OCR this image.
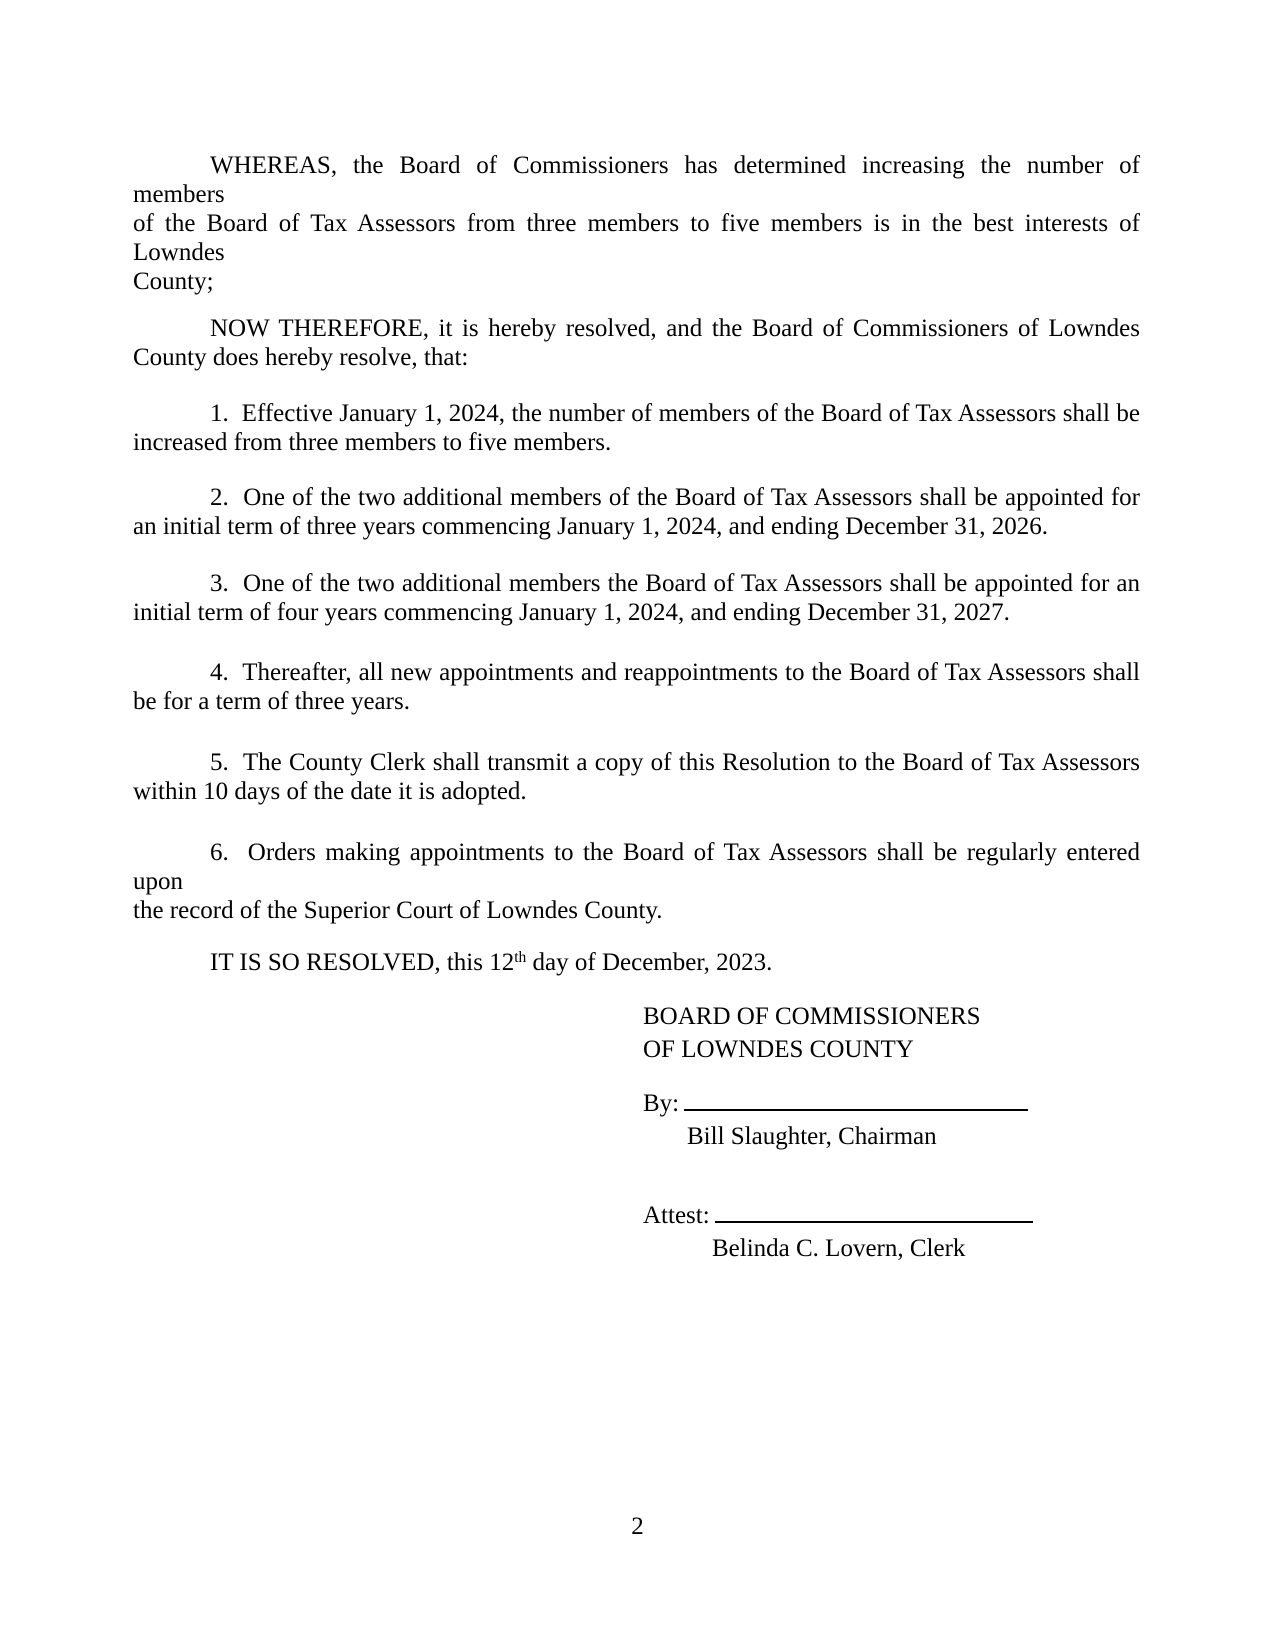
WHEREAS, the Board of Commissioners has determined increasing the number of members
of the Board of Tax Assessors from three members to five members is in the best interests of Lowndes
County;
NOW THEREFORE, it is hereby resolved, and the Board of Commissioners of Lowndes
County does hereby resolve, that:
1.  Effective January 1, 2024, the number of members of the Board of Tax Assessors shall be
increased from three members to five members.
2.  One of the two additional members of the Board of Tax Assessors shall be appointed for
an initial term of three years commencing January 1, 2024, and ending December 31, 2026.
3.  One of the two additional members the Board of Tax Assessors shall be appointed for an
initial term of four years commencing January 1, 2024, and ending December 31, 2027.
4.  Thereafter, all new appointments and reappointments to the Board of Tax Assessors shall
be for a term of three years.
5.  The County Clerk shall transmit a copy of this Resolution to the Board of Tax Assessors
within 10 days of the date it is adopted.
6.  Orders making appointments to the Board of Tax Assessors shall be regularly entered upon
the record of the Superior Court of Lowndes County.
IT IS SO RESOLVED, this 12th day of December, 2023.
BOARD OF COMMISSIONERS
OF LOWNDES COUNTY
By:
Bill Slaughter, Chairman
Attest:
Belinda C. Lovern, Clerk
2
